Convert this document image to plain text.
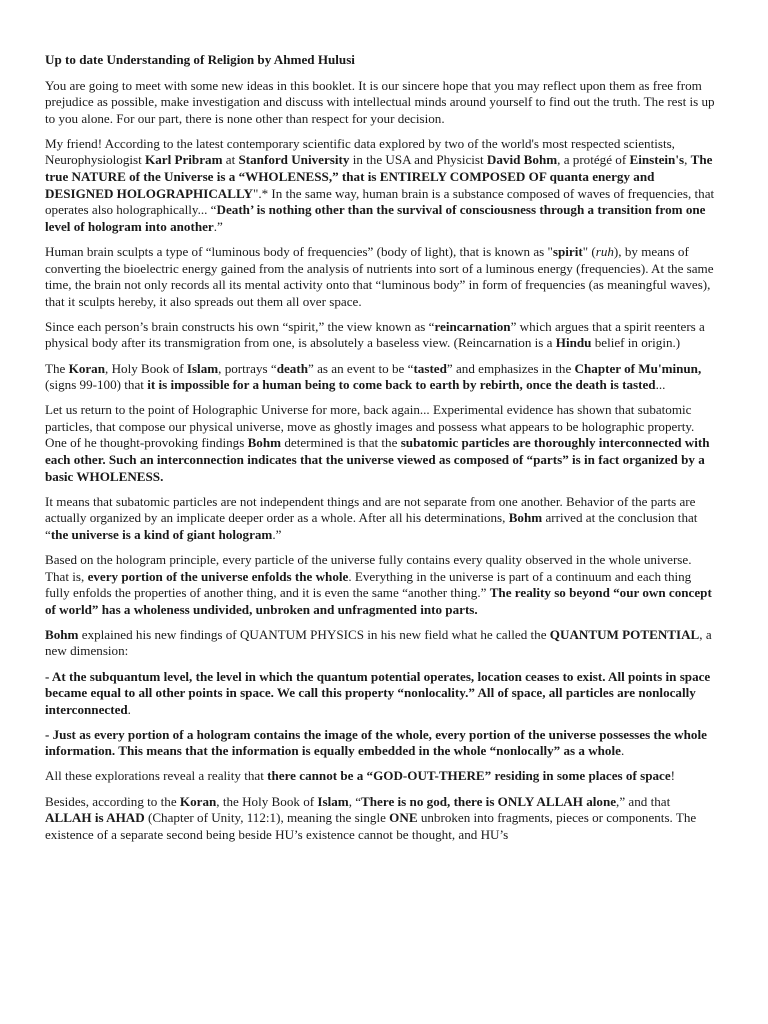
Up to date Understanding of Religion by Ahmed Hulusi

You are going to meet with some new ideas in this booklet. It is our sincere hope that you may reflect upon them as free from prejudice as possible, make investigation and discuss with intellectual minds around yourself to find out the truth. The rest is up to you alone. For our part, there is none other than respect for your decision.

My friend! According to the latest contemporary scientific data explored by two of the world's most respected scientists, Neurophysiologist Karl Pribram at Stanford University in the USA and Physicist David Bohm, a protégé of Einstein's, The true NATURE of the Universe is a “WHOLENESS,” that is ENTIRELY COMPOSED OF quanta energy and DESIGNED HOLOGRAPHICALLY".* In the same way, human brain is a substance composed of waves of frequencies, that operates also holographically... “Death’ is nothing other than the survival of consciousness through a transition from one level of hologram into another.”

Human brain sculpts a type of “luminous body of frequencies” (body of light), that is known as "spirit" (ruh), by means of converting the bioelectric energy gained from the analysis of nutrients into sort of a luminous energy (frequencies). At the same time, the brain not only records all its mental activity onto that “luminous body” in form of frequencies (as meaningful waves), that it sculpts hereby, it also spreads out them all over space.

Since each person’s brain constructs his own “spirit,” the view known as “reincarnation” which argues that a spirit reenters a physical body after its transmigration from one, is absolutely a baseless view. (Reincarnation is a Hindu belief in origin.)

The Koran, Holy Book of Islam, portrays “death” as an event to be “tasted” and emphasizes in the Chapter of Mu'minun, (signs 99-100) that it is impossible for a human being to come back to earth by rebirth, once the death is tasted...

Let us return to the point of Holographic Universe for more, back again... Experimental evidence has shown that subatomic particles, that compose our physical universe, move as ghostly images and possess what appears to be holographic property. One of he thought-provoking findings Bohm determined is that the subatomic particles are thoroughly interconnected with each other. Such an interconnection indicates that the universe viewed as composed of “parts” is in fact organized by a basic WHOLENESS.

It means that subatomic particles are not independent things and are not separate from one another. Behavior of the parts are actually organized by an implicate deeper order as a whole. After all his determinations, Bohm arrived at the conclusion that “the universe is a kind of giant hologram.”

Based on the hologram principle, every particle of the universe fully contains every quality observed in the whole universe. That is, every portion of the universe enfolds the whole. Everything in the universe is part of a continuum and each thing fully enfolds the properties of another thing, and it is even the same “another thing.” The reality so beyond “our own concept of world” has a wholeness undivided, unbroken and unfragmented into parts.

Bohm explained his new findings of QUANTUM PHYSICS in his new field what he called the QUANTUM POTENTIAL, a new dimension:

- At the subquantum level, the level in which the quantum potential operates, location ceases to exist. All points in space became equal to all other points in space. We call this property “nonlocality.” All of space, all particles are nonlocally interconnected.

- Just as every portion of a hologram contains the image of the whole, every portion of the universe possesses the whole information. This means that the information is equally embedded in the whole “nonlocally” as a whole.

All these explorations reveal a reality that there cannot be a “GOD-OUT-THERE” residing in some places of space!

Besides, according to the Koran, the Holy Book of Islam, “There is no god, there is ONLY ALLAH alone,” and that ALLAH is AHAD (Chapter of Unity, 112:1), meaning the single ONE unbroken into fragments, pieces or components. The existence of a separate second being beside HU’s existence cannot be thought, and HU’s
